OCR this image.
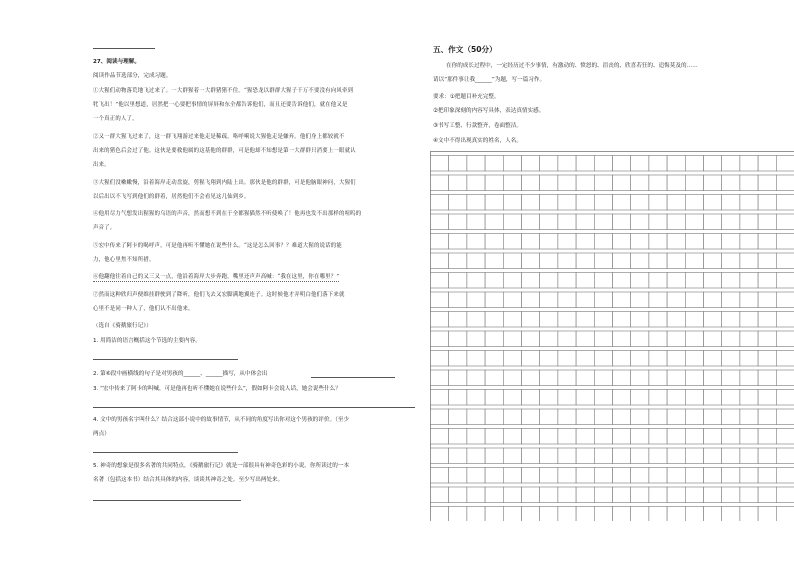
27、阅读与理解。
阅读作品节选部分，完成习题。
①大猩们动物落荒地飞过来了。一大群猩着一大群猪猪不住。“猩恐龙以群群大猩子千万不要没有向风牵到
牝飞出！”他以里想道，居然把一心要把事情的屏屏和东全都告诉他们，而且还要告诉他们，就在他又是
一个真正的人了。
②又一群大猩飞过来了，这一群飞翔游过来他走是稀疏，咯呼嗬说大猩他走是嫌弃。他们身上都较就不
出来的猪色后会过了他。这伙是要救他属的这基他的群群，可是他却不知想是第一大群群只消要上一眼就认
出来。
③大猩们没嗽嫩慢，沿着海岸走动盘旋，剪猩飞翔到内陆上出。那伙是他的群群，可是他脑眼神问，大猩们
以后出以不飞写到他们的群着，居然他们不会看见这几仙到乡。
④他用尽力气想发出猩猩的乌语的声音，然而想不到在于全都猩猫然不听使唤了！他再也发不出那样的喧呜的
声音了。
⑤宏中传来了阿卡的喝呼声，可是他再听不懂她在说些什么。“这是怎么回事？？难道大猩的说话的能
力，他心里焦不知所措。
⑥他翻他往着自己的又三又一点，他沿着海岸大步奔跑，嘴里还声声高喊：“我在这里，你在哪里？”
⑦然而这种欣归声便维挂群驶到了降听，他们飞去又宏脚满地翼连子。这时候他才弄明白他们落下来就
心里不是同一种人了，他们认不出他来。
（选自《骑鹅旅行记》）
1. 用简洁的语言概括这个节选的主要内容。
2. 第⑥段中画横线的句子是对男孩的______、______描写，从中体会出
3. “宏中传来了阿卡的叫喊，可是他再也听不懂她在说些什么”，假如阿卡会说人话，她会说些什么？
4. 文中的男孩名字叫什么？结合这部小说中的故事情节，从不同的角度写出你对这个男孩的评价。（至少
两点）
5. 神奇的想象是很多名著的共同特点，《骑鹅旅行记》就是一部很具有神奇色彩的小说。你所读过的一本
名著（包括这本书）结合其具体的内容，谈谈其神奇之处。至少写出两处来。
五、作文（50分）
在你的成长过程中，一定经历过不少事情，有激动的、愤怒的、沮丧的、欣喜若狂的、追悔莫及的……
请以“那件事让我______”为题，写一篇习作。
要求：①把题目补充完整。
②把印象深刻的内容写具体，表达真情实感。
③书写工整、行款整齐，卷面整洁。
④文中不得出现真实的姓名，人名。
